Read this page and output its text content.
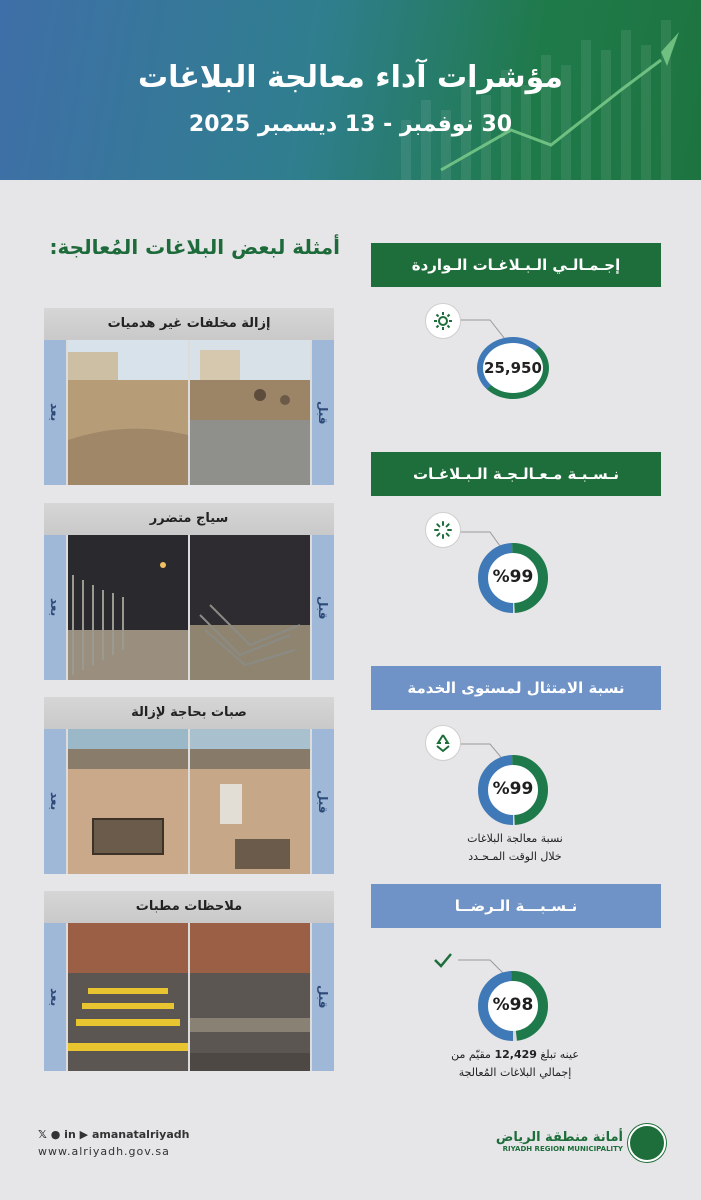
مؤشرات آداء معالجة البلاغات
30 نوفمبر - 13 ديسمبر 2025
أمثلة لبعض البلاغات المُعالجة:
إزالة مخلفات غير هدميات
بعد	قبل
سياج متضرر
بعد	قبل
صبات بحاجة لإزالة
بعد	قبل
ملاحظات مطبات
بعد	قبل
إجـمـالـي الـبـلاغـات الـواردة
25,950
نـسـبـة مـعـالـجـة الـبـلاغـات
%99
نسبة الامتثال لمستوى الخدمة
%99
نسبة معالجة البلاغات
خلال الوقت المـحـدد
نـسـبـــة الـرضــا
%98
عينه تبلغ 12,429 مقيّم من
إجمالي البلاغات المُعالجة
𝕏 ● in ▶ amanatalriyadh
www.alriyadh.gov.sa
أمانة منطقة الرياض
RIYADH REGION MUNICIPALITY
